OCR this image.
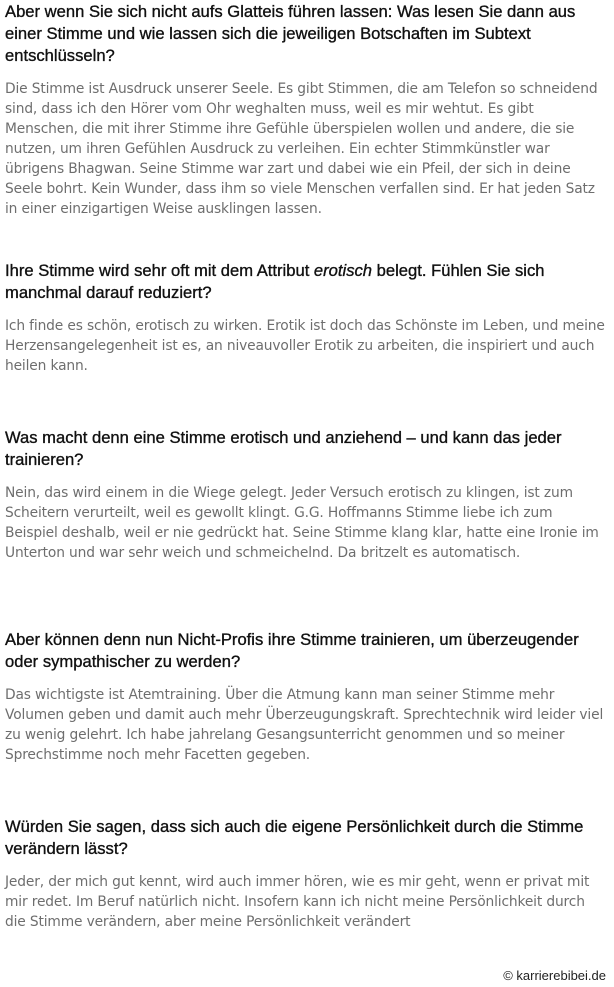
Aber wenn Sie sich nicht aufs Glatteis führen lassen: Was lesen Sie dann aus einer Stimme und wie lassen sich die jeweiligen Botschaften im Subtext entschlüsseln?

Die Stimme ist Ausdruck unserer Seele. Es gibt Stimmen, die am Telefon so schneidend sind, dass ich den Hörer vom Ohr weghalten muss, weil es mir wehtut. Es gibt Menschen, die mit ihrer Stimme ihre Gefühle überspielen wollen und andere, die sie nutzen, um ihren Gefühlen Ausdruck zu verleihen. Ein echter Stimmkünstler war übrigens Bhagwan. Seine Stimme war zart und dabei wie ein Pfeil, der sich in deine Seele bohrt. Kein Wunder, dass ihm so viele Menschen verfallen sind. Er hat jeden Satz in einer einzigartigen Weise ausklingen lassen.

Ihre Stimme wird sehr oft mit dem Attribut erotisch belegt. Fühlen Sie sich manchmal darauf reduziert?

Ich finde es schön, erotisch zu wirken. Erotik ist doch das Schönste im Leben, und meine Herzensangelegenheit ist es, an niveauvoller Erotik zu arbeiten, die inspiriert und auch heilen kann.

Was macht denn eine Stimme erotisch und anziehend – und kann das jeder trainieren?

Nein, das wird einem in die Wiege gelegt. Jeder Versuch erotisch zu klingen, ist zum Scheitern verurteilt, weil es gewollt klingt. G.G. Hoffmanns Stimme liebe ich zum Beispiel deshalb, weil er nie gedrückt hat. Seine Stimme klang klar, hatte eine Ironie im Unterton und war sehr weich und schmeichelnd. Da britzelt es automatisch.

Aber können denn nun Nicht-Profis ihre Stimme trainieren, um überzeugender oder sympathischer zu werden?

Das wichtigste ist Atemtraining. Über die Atmung kann man seiner Stimme mehr Volumen geben und damit auch mehr Überzeugungskraft. Sprechtechnik wird leider viel zu wenig gelehrt. Ich habe jahrelang Gesangsunterricht genommen und so meiner Sprechstimme noch mehr Facetten gegeben.

Würden Sie sagen, dass sich auch die eigene Persönlichkeit durch die Stimme verändern lässt?

Jeder, der mich gut kennt, wird auch immer hören, wie es mir geht, wenn er privat mit mir redet. Im Beruf natürlich nicht. Insofern kann ich nicht meine Persönlichkeit durch die Stimme verändern, aber meine Persönlichkeit verändert

© karrierebibei.de
